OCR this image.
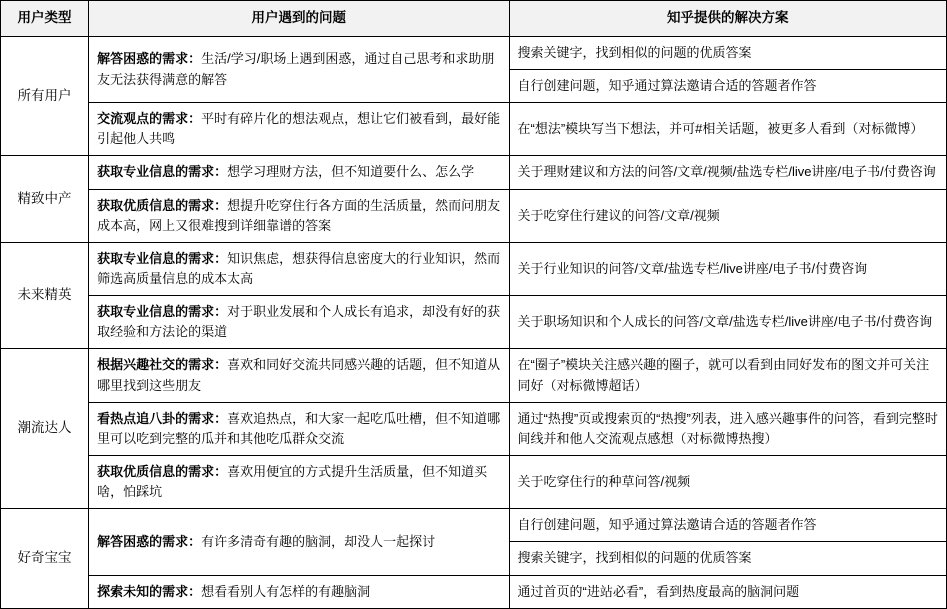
用户类型	用户遇到的问题	知乎提供的解决方案
所有用户	解答困惑的需求：生活/学习/职场上遇到困惑，通过自己思考和求助朋友无法获得满意的解答	搜索关键字，找到相似的问题的优质答案
		自行创建问题，知乎通过算法邀请合适的答题者作答
	交流观点的需求：平时有碎片化的想法观点，想让它们被看到，最好能引起他人共鸣	在“想法”模块写当下想法，并可#相关话题，被更多人看到（对标微博）
精致中产	获取专业信息的需求：想学习理财方法，但不知道要什么、怎么学	关于理财建议和方法的问答/文章/视频/盐选专栏/live讲座/电子书/付费咨询
	获取优质信息的需求：想提升吃穿住行各方面的生活质量，然而问朋友成本高，网上又很难搜到详细靠谱的答案	关于吃穿住行建议的问答/文章/视频
未来精英	获取专业信息的需求：知识焦虑，想获得信息密度大的行业知识，然而筛选高质量信息的成本太高	关于行业知识的问答/文章/盐选专栏/live讲座/电子书/付费咨询
	获取专业信息的需求：对于职业发展和个人成长有追求，却没有好的获取经验和方法论的渠道	关于职场知识和个人成长的问答/文章/盐选专栏/live讲座/电子书/付费咨询
潮流达人	根据兴趣社交的需求：喜欢和同好交流共同感兴趣的话题，但不知道从哪里找到这些朋友	在“圈子”模块关注感兴趣的圈子，就可以看到由同好发布的图文并可关注同好（对标微博超话）
	看热点追八卦的需求：喜欢追热点，和大家一起吃瓜吐槽，但不知道哪里可以吃到完整的瓜并和其他吃瓜群众交流	通过“热搜”页或搜索页的“热搜”列表，进入感兴趣事件的问答，看到完整时间线并和他人交流观点感想（对标微博热搜）
	获取优质信息的需求：喜欢用便宜的方式提升生活质量，但不知道买啥，怕踩坑	关于吃穿住行的种草问答/视频
好奇宝宝	解答困惑的需求：有许多清奇有趣的脑洞，却没人一起探讨	自行创建问题，知乎通过算法邀请合适的答题者作答
		搜索关键字，找到相似的问题的优质答案
	探索未知的需求：想看看别人有怎样的有趣脑洞	通过首页的“进站必看”，看到热度最高的脑洞问题
